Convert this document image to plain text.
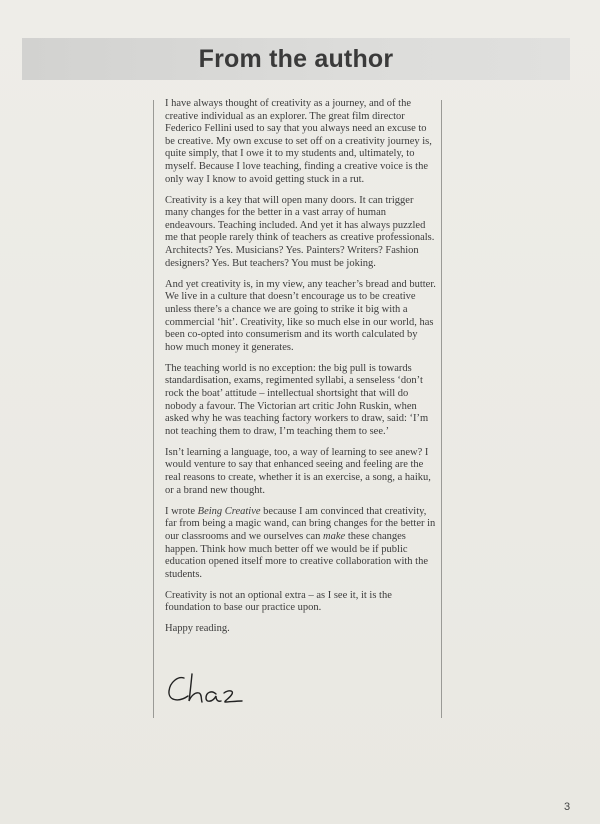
From the author

I have always thought of creativity as a journey, and of the creative individual as an explorer. The great film director Federico Fellini used to say that you always need an excuse to be creative. My own excuse to set off on a creativity journey is, quite simply, that I owe it to my students and, ultimately, to myself. Because I love teaching, finding a creative voice is the only way I know to avoid getting stuck in a rut.

Creativity is a key that will open many doors. It can trigger many changes for the better in a vast array of human endeavours. Teaching included. And yet it has always puzzled me that people rarely think of teachers as creative professionals. Architects? Yes. Musicians? Yes. Painters? Writers? Fashion designers? Yes. But teachers? You must be joking.

And yet creativity is, in my view, any teacher’s bread and butter. We live in a culture that doesn’t encourage us to be creative unless there’s a chance we are going to strike it big with a commercial ‘hit’. Creativity, like so much else in our world, has been co-opted into consumerism and its worth calculated by how much money it generates.

The teaching world is no exception: the big pull is towards standardisation, exams, regimented syllabi, a senseless ‘don’t rock the boat’ attitude – intellectual shortsight that will do nobody a favour. The Victorian art critic John Ruskin, when asked why he was teaching factory workers to draw, said: ‘I’m not teaching them to draw, I’m teaching them to see.’

Isn’t learning a language, too, a way of learning to see anew? I would venture to say that enhanced seeing and feeling are the real reasons to create, whether it is an exercise, a song, a haiku, or a brand new thought.

I wrote Being Creative because I am convinced that creativity, far from being a magic wand, can bring changes for the better in our classrooms and we ourselves can make these changes happen. Think how much better off we would be if public education opened itself more to creative collaboration with the students.

Creativity is not an optional extra – as I see it, it is the foundation to base our practice upon.

Happy reading.

3
